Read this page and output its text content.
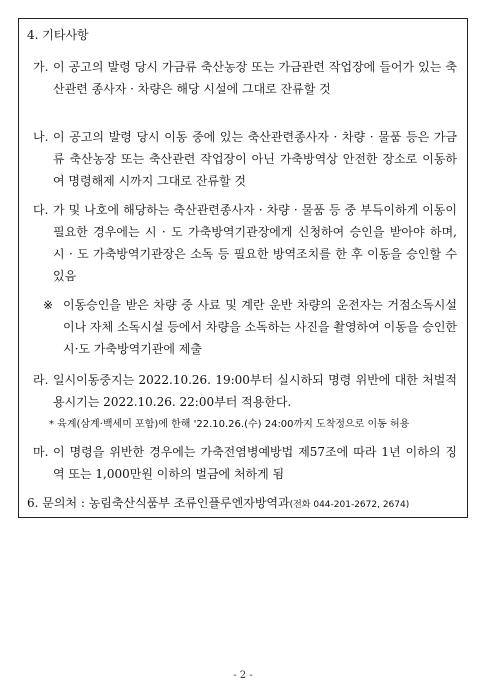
4. 기타사항
가. 이 공고의 발령 당시 가금류 축산농장 또는 가금관련 작업장에 들어가 있는 축산관련 종사자 · 차량은 해당 시설에 그대로 잔류할 것
나. 이 공고의 발령 당시 이동 중에 있는 축산관련종사자 · 차량 · 물품 등은 가금류 축산농장 또는 축산관련 작업장이 아닌 가축방역상 안전한 장소로 이동하여 명령해제 시까지 그대로 잔류할 것
다. 가 및 나호에 해당하는 축산관련종사자 · 차량 · 물품 등 중 부득이하게 이동이 필요한 경우에는 시 · 도 가축방역기관장에게 신청하여 승인을 받아야 하며, 시 · 도 가축방역기관장은 소독 등 필요한 방역조치를 한 후 이동을 승인할 수 있음
※ 이동승인을 받은 차량 중 사료 및 계란 운반 차량의 운전자는 거점소독시설이나 자체 소독시설 등에서 차량을 소독하는 사진을 촬영하여 이동을 승인한 시·도 가축방역기관에 제출
라. 일시이동중지는 2022.10.26. 19:00부터 실시하되 명령 위반에 대한 처벌적용시기는 2022.10.26. 22:00부터 적용한다.
* 육계(삼계·백세미 포함)에 한해 '22.10.26.(수) 24:00까지 도착정으로 이동 허용
마. 이 명령을 위반한 경우에는 가축전염병예방법 제57조에 따라 1년 이하의 징역 또는 1,000만원 이하의 벌금에 처하게 됨
6. 문의처 : 농림축산식품부 조류인플루엔자방역과(전화 044-201-2672, 2674)
- 2 -
